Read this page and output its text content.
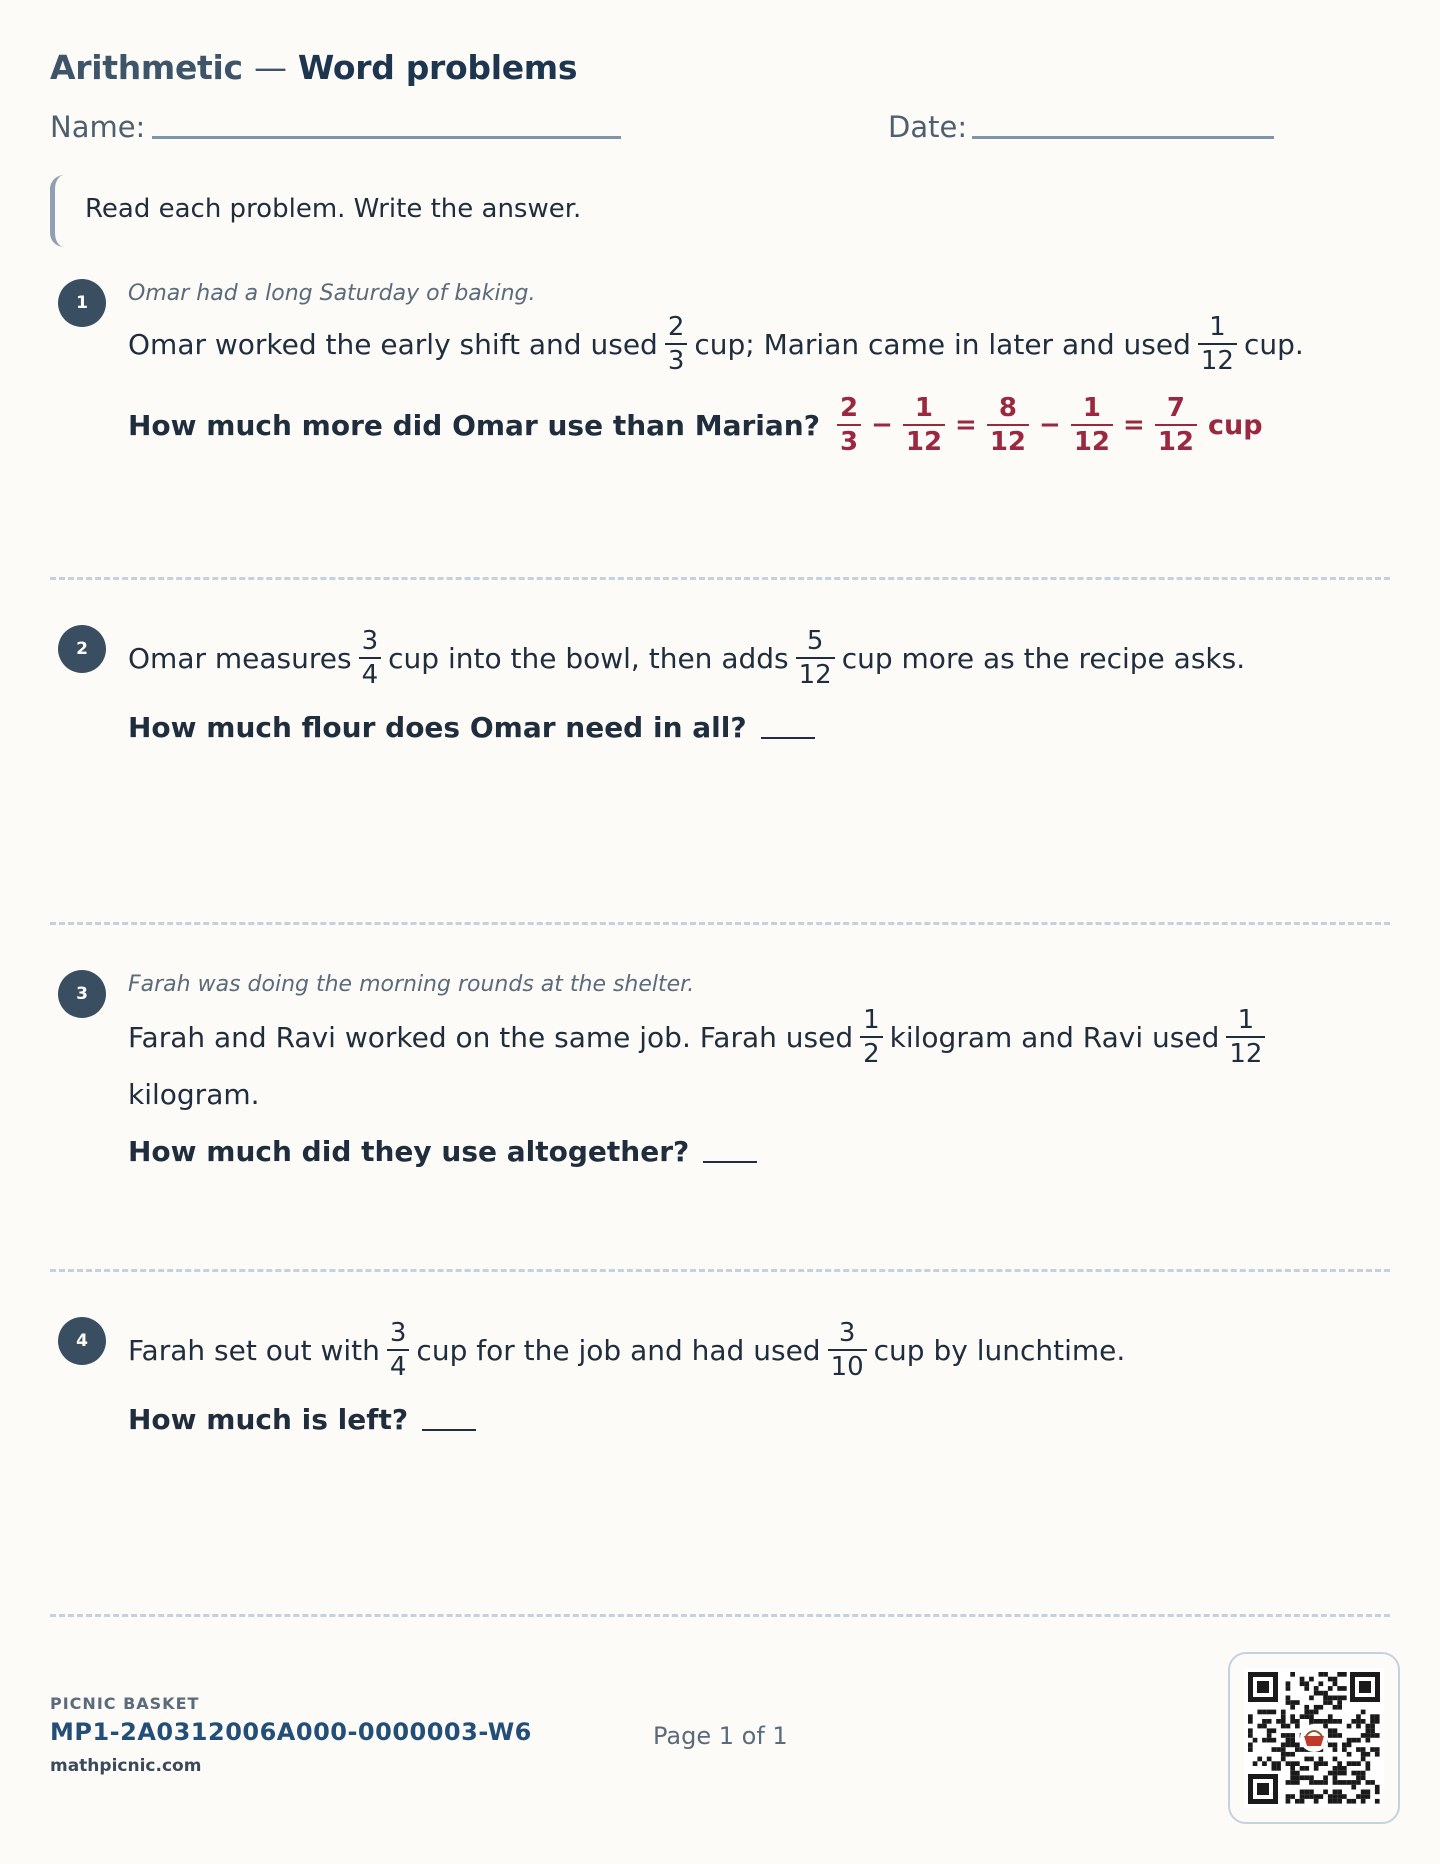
Arithmetic — Word problems
Name:	Date:
Read each problem. Write the answer.
1	Omar had a long Saturday of baking.
Omar worked the early shift and used $\frac{2}{3}$ cup; Marian came in later and used $\frac{1}{12}$ cup.
How much more did Omar use than Marian? $\frac{2}{3} - \frac{1}{12} = \frac{8}{12} - \frac{1}{12} = \frac{7}{12}$ cup
2	Omar measures $\frac{3}{4}$ cup into the bowl, then adds $\frac{5}{12}$ cup more as the recipe asks.
How much flour does Omar need in all?
3	Farah was doing the morning rounds at the shelter.
Farah and Ravi worked on the same job. Farah used $\frac{1}{2}$ kilogram and Ravi used $\frac{1}{12}$
kilogram.
How much did they use altogether?
4	Farah set out with $\frac{3}{4}$ cup for the job and had used $\frac{3}{10}$ cup by lunchtime.
How much is left?
PICNIC BASKET
MP1-2A0312006A000-0000003-W6
mathpicnic.com
Page 1 of 1
